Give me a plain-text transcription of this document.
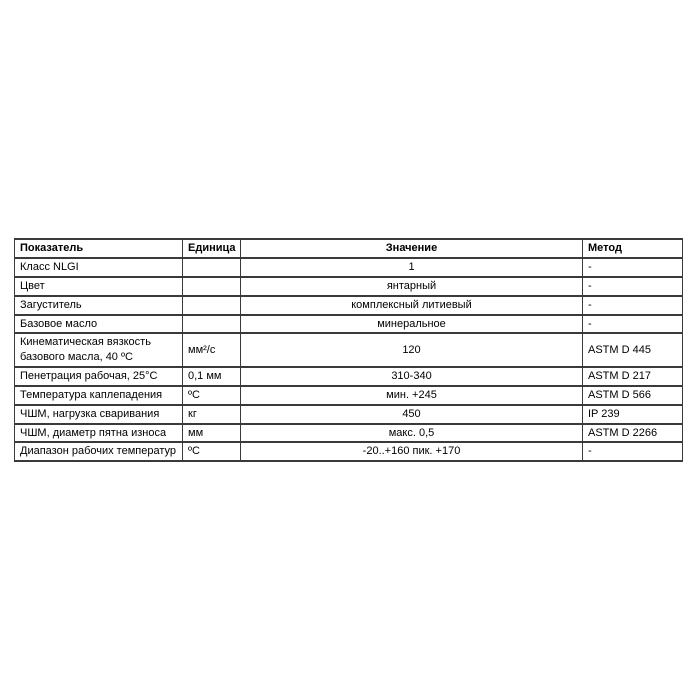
Показатель	Единица	Значение	Метод
Класс NLGI		1	-
Цвет		янтарный	-
Загуститель		комплексный литиевый	-
Базовое масло		минеральное	-
Кинематическая вязкость базового масла, 40 ºС	мм²/с	120	ASTM D 445
Пенетрация рабочая, 25°С	0,1 мм	310-340	ASTM D 217
Температура каплепадения	ºС	мин. +245	ASTM D 566
ЧШМ, нагрузка сваривания	кг	450	IP 239
ЧШМ, диаметр пятна износа	мм	макс. 0,5	ASTM D 2266
Диапазон рабочих температур	ºС	-20..+160 пик. +170	-
